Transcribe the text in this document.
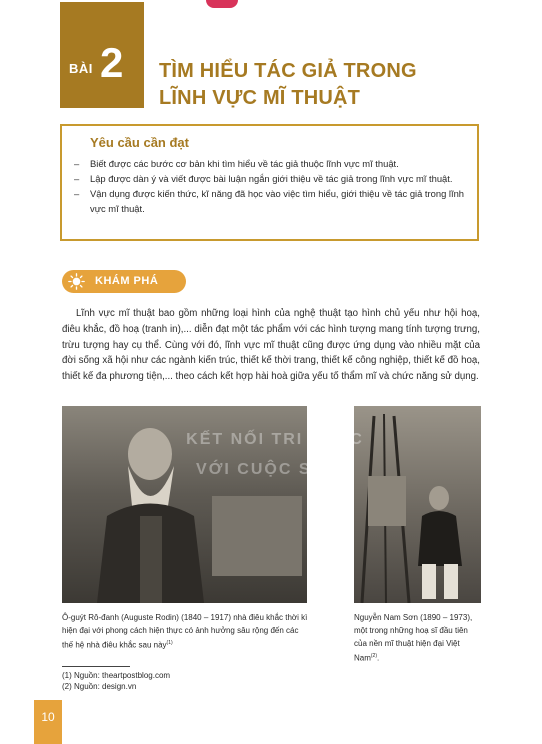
BÀI 2 TÌM HIỂU TÁC GIẢ TRONG
LĨNH VỰC MĨ THUẬT
Yêu cầu cần đạt
– Biết được các bước cơ bản khi tìm hiểu về tác giả thuộc lĩnh vực mĩ thuật.
– Lập được dàn ý và viết được bài luận ngắn giới thiệu về tác giả trong lĩnh vực mĩ thuật.
– Vận dụng được kiến thức, kĩ năng đã học vào việc tìm hiểu, giới thiệu về tác giả trong lĩnh vực mĩ thuật.
KHÁM PHÁ

Lĩnh vực mĩ thuật bao gồm những loại hình của nghệ thuật tạo hình chủ yếu như hội hoạ, điêu khắc, đồ hoạ (tranh in),... diễn đạt một tác phẩm với các hình tượng mang tính tượng trưng, trừu tượng hay cụ thể. Cùng với đó, lĩnh vực mĩ thuật cũng được ứng dụng vào nhiều mặt của đời sống xã hội như các ngành kiến trúc, thiết kế thời trang, thiết kế công nghiệp, thiết kế đồ hoạ, thiết kế đa phương tiện,... theo cách kết hợp hài hoà giữa yếu tố thẩm mĩ và chức năng sử dụng.

KẾT NỐI TRI THỨC
VỚI CUỘC SỐNG

Ô-guýt Rô-đanh (Auguste Rodin) (1840 – 1917) nhà điêu khắc thời kì hiện đại với phong cách hiện thực có ảnh hưởng sâu rộng đến các thế hệ nhà điêu khắc sau này$^{(1)}$

Nguyễn Nam Sơn (1890 – 1973), một trong những hoạ sĩ đầu tiên của nền mĩ thuật hiện đại Việt Nam$^{(2)}$.

(1) Nguồn: theartpostblog.com
(2) Nguồn: design.vn
10
